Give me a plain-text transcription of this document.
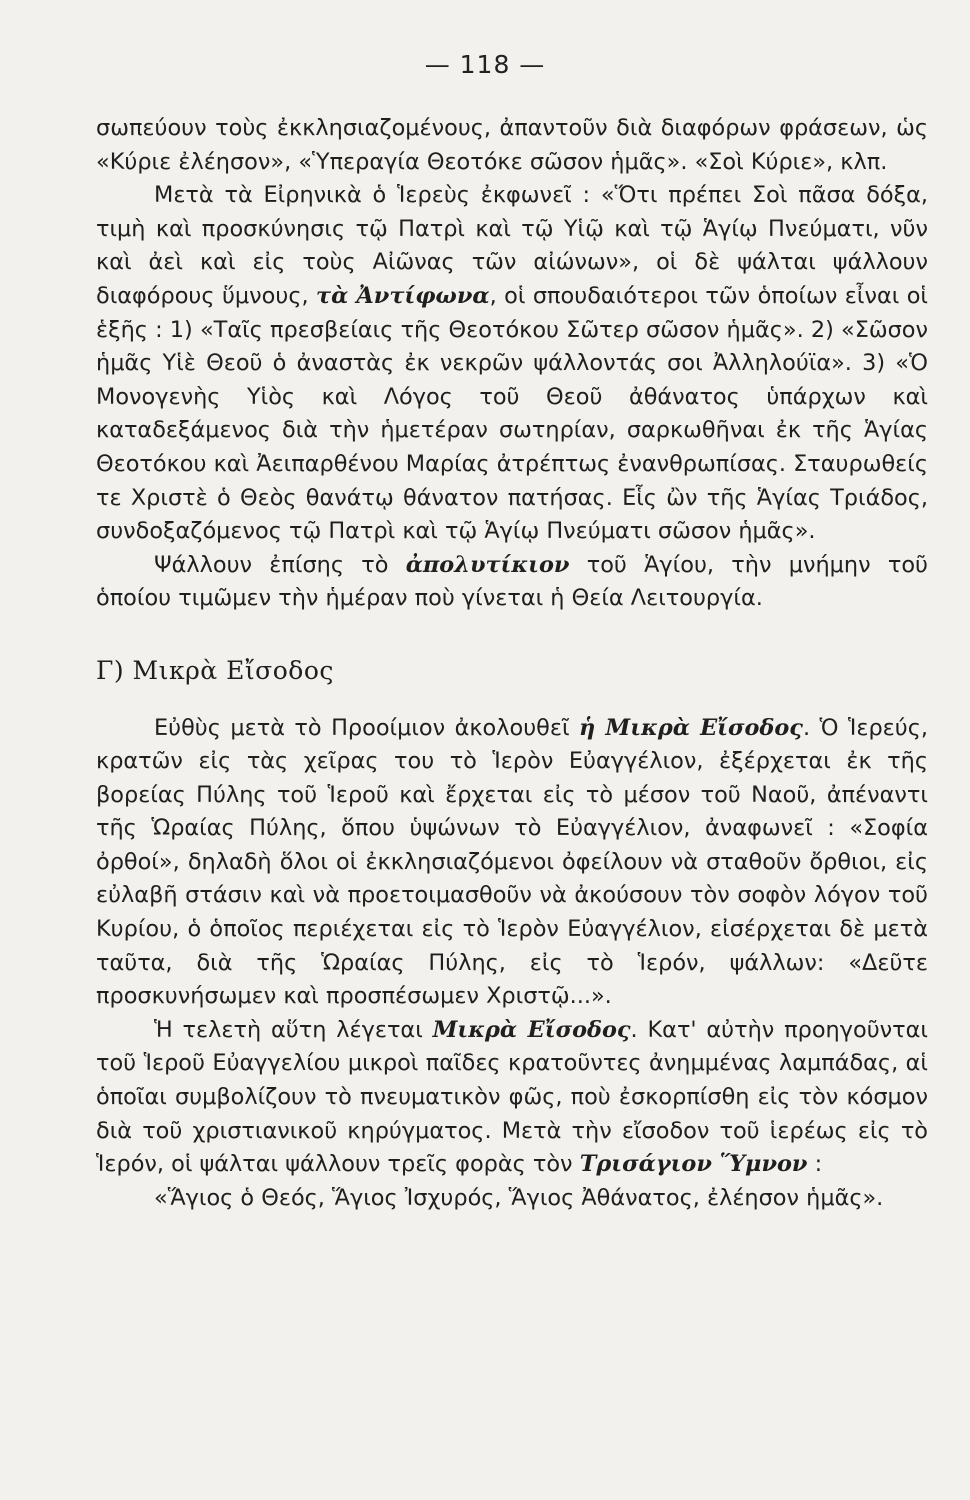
— 118 —

σωπεύουν τοὺς ἐκκλησιαζομένους, ἀπαντοῦν διὰ διαφόρων φράσεων, ὡς «Κύριε ἐλέησον», «Ὑπεραγία Θεοτόκε σῶσον ἡμᾶς». «Σοὶ Κύριε», κλπ.

Μετὰ τὰ Εἰρηνικὰ ὁ Ἱερεὺς ἐκφωνεῖ : «Ὅτι πρέπει Σοὶ πᾶσα δόξα, τιμὴ καὶ προσκύνησις τῷ Πατρὶ καὶ τῷ Υἱῷ καὶ τῷ Ἁγίῳ Πνεύματι, νῦν καὶ ἀεὶ καὶ εἰς τοὺς Αἰῶνας τῶν αἰώνων», οἱ δὲ ψάλται ψάλλουν διαφόρους ὕμνους, τὰ Ἀντίφωνα, οἱ σπουδαιότεροι τῶν ὁποίων εἶναι οἱ ἑξῆς : 1) «Ταῖς πρεσβείαις τῆς Θεοτόκου Σῶτερ σῶσον ἡμᾶς». 2) «Σῶσον ἡμᾶς Υἱὲ Θεοῦ ὁ ἀναστὰς ἐκ νεκρῶν ψάλλοντάς σοι Ἀλληλούϊα». 3) «Ὁ Μονογενὴς Υἱὸς καὶ Λόγος τοῦ Θεοῦ ἀθάνατος ὑπάρχων καὶ καταδεξάμενος διὰ τὴν ἡμετέραν σωτηρίαν, σαρκωθῆναι ἐκ τῆς Ἁγίας Θεοτόκου καὶ Ἀειπαρθένου Μαρίας ἀτρέπτως ἐνανθρωπίσας. Σταυρωθείς τε Χριστὲ ὁ Θεὸς θανάτῳ θάνατον πατήσας. Εἷς ὢν τῆς Ἁγίας Τριάδος, συνδοξαζόμενος τῷ Πατρὶ καὶ τῷ Ἁγίῳ Πνεύματι σῶσον ἡμᾶς».

Ψάλλουν ἐπίσης τὸ ἀπολυτίκιον τοῦ Ἁγίου, τὴν μνήμην τοῦ ὁποίου τιμῶμεν τὴν ἡμέραν ποὺ γίνεται ἡ Θεία Λειτουργία.

Γ) Μικρὰ Εἴσοδος

Εὐθὺς μετὰ τὸ Προοίμιον ἀκολουθεῖ ἡ Μικρὰ Εἴσοδος. Ὁ Ἱερεύς, κρατῶν εἰς τὰς χεῖρας του τὸ Ἱερὸν Εὐαγγέλιον, ἐξέρχεται ἐκ τῆς βορείας Πύλης τοῦ Ἱεροῦ καὶ ἔρχεται εἰς τὸ μέσον τοῦ Ναοῦ, ἀπέναντι τῆς Ὡραίας Πύλης, ὅπου ὑψώνων τὸ Εὐαγγέλιον, ἀναφωνεῖ : «Σοφία ὀρθοί», δηλαδὴ ὅλοι οἱ ἐκκλησιαζόμενοι ὀφείλουν νὰ σταθοῦν ὄρθιοι, εἰς εὐλαβῆ στάσιν καὶ νὰ προετοιμασθοῦν νὰ ἀκούσουν τὸν σοφὸν λόγον τοῦ Κυρίου, ὁ ὁποῖος περιέχεται εἰς τὸ Ἱερὸν Εὐαγγέλιον, εἰσέρχεται δὲ μετὰ ταῦτα, διὰ τῆς Ὡραίας Πύλης, εἰς τὸ Ἱερόν, ψάλλων: «Δεῦτε προσκυνήσωμεν καὶ προσπέσωμεν Χριστῷ...».

Ἡ τελετὴ αὕτη λέγεται Μικρὰ Εἴσοδος. Κατ' αὐτὴν προηγοῦνται τοῦ Ἱεροῦ Εὐαγγελίου μικροὶ παῖδες κρατοῦντες ἀνημμένας λαμπάδας, αἱ ὁποῖαι συμβολίζουν τὸ πνευματικὸν φῶς, ποὺ ἐσκορπίσθη εἰς τὸν κόσμον διὰ τοῦ χριστιανικοῦ κηρύγματος. Μετὰ τὴν εἴσοδον τοῦ ἱερέως εἰς τὸ Ἱερόν, οἱ ψάλται ψάλλουν τρεῖς φορὰς τὸν Τρισάγιον Ὕμνον :

«Ἅγιος ὁ Θεός, Ἅγιος Ἰσχυρός, Ἅγιος Ἀθάνατος, ἐλέησον ἡμᾶς».
